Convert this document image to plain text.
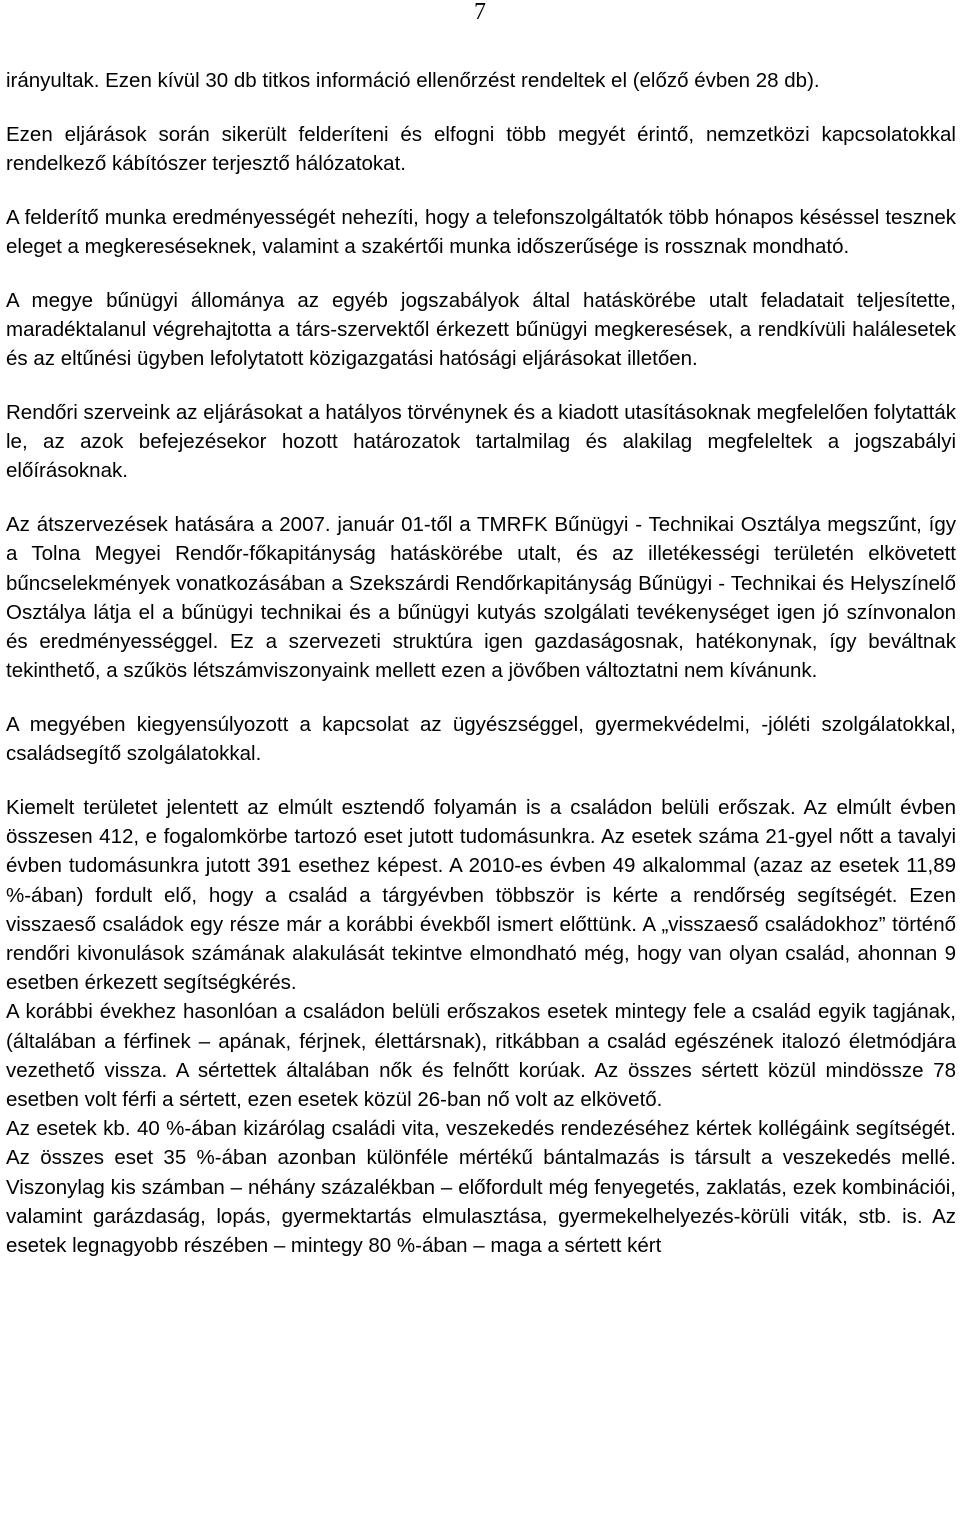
7

irányultak. Ezen kívül 30 db titkos információ ellenőrzést rendeltek el (előző évben 28 db).

Ezen eljárások során sikerült felderíteni és elfogni több megyét érintő, nemzetközi kapcsolatokkal rendelkező kábítószer terjesztő hálózatokat.

A felderítő munka eredményességét nehezíti, hogy a telefonszolgáltatók több hónapos késéssel tesznek eleget a megkereséseknek, valamint a szakértői munka időszerűsége is rossznak mondható.

A megye bűnügyi állománya az egyéb jogszabályok által hatáskörébe utalt feladatait teljesítette, maradéktalanul végrehajtotta a társ-szervektől érkezett bűnügyi megkeresések, a rendkívüli halálesetek és az eltűnési ügyben lefolytatott közigazgatási hatósági eljárásokat illetően.

Rendőri szerveink az eljárásokat a hatályos törvénynek és a kiadott utasításoknak megfelelően folytatták le, az azok befejezésekor hozott határozatok tartalmilag és alakilag megfeleltek a jogszabályi előírásoknak.

Az átszervezések hatására a 2007. január 01-től a TMRFK Bűnügyi - Technikai Osztálya megszűnt, így a Tolna Megyei Rendőr-főkapitányság hatáskörébe utalt, és az illetékességi területén elkövetett bűncselekmények vonatkozásában a Szekszárdi Rendőrkapitányság Bűnügyi - Technikai és Helyszínelő Osztálya látja el a bűnügyi technikai és a bűnügyi kutyás szolgálati tevékenységet igen jó színvonalon és eredményességgel. Ez a szervezeti struktúra igen gazdaságosnak, hatékonynak, így beváltnak tekinthető, a szűkös létszámviszonyaink mellett ezen a jövőben változtatni nem kívánunk.

A megyében kiegyensúlyozott a kapcsolat az ügyészséggel, gyermekvédelmi, -jóléti szolgálatokkal, családsegítő szolgálatokkal.

Kiemelt területet jelentett az elmúlt esztendő folyamán is a családon belüli erőszak. Az elmúlt évben összesen 412, e fogalomkörbe tartozó eset jutott tudomásunkra. Az esetek száma 21-gyel nőtt a tavalyi évben tudomásunkra jutott 391 esethez képest. A 2010-es évben 49 alkalommal (azaz az esetek 11,89 %-ában) fordult elő, hogy a család a tárgyévben többször is kérte a rendőrség segítségét. Ezen visszaeső családok egy része már a korábbi évekből ismert előttünk. A „visszaeső családokhoz” történő rendőri kivonulások számának alakulását tekintve elmondható még, hogy van olyan család, ahonnan 9 esetben érkezett segítségkérés.

A korábbi évekhez hasonlóan a családon belüli erőszakos esetek mintegy fele a család egyik tagjának, (általában a férfinek – apának, férjnek, élettársnak), ritkábban a család egészének italozó életmódjára vezethető vissza. A sértettek általában nők és felnőtt korúak. Az összes sértett közül mindössze 78 esetben volt férfi a sértett, ezen esetek közül 26-ban nő volt az elkövető.

Az esetek kb. 40 %-ában kizárólag családi vita, veszekedés rendezéséhez kértek kollégáink segítségét. Az összes eset 35 %-ában azonban különféle mértékű bántalmazás is társult a veszekedés mellé. Viszonylag kis számban – néhány százalékban – előfordult még fenyegetés, zaklatás, ezek kombinációi, valamint garázdaság, lopás, gyermektartás elmulasztása, gyermekelhelyezés-körüli viták, stb. is. Az esetek legnagyobb részében – mintegy 80 %-ában – maga a sértett kért
